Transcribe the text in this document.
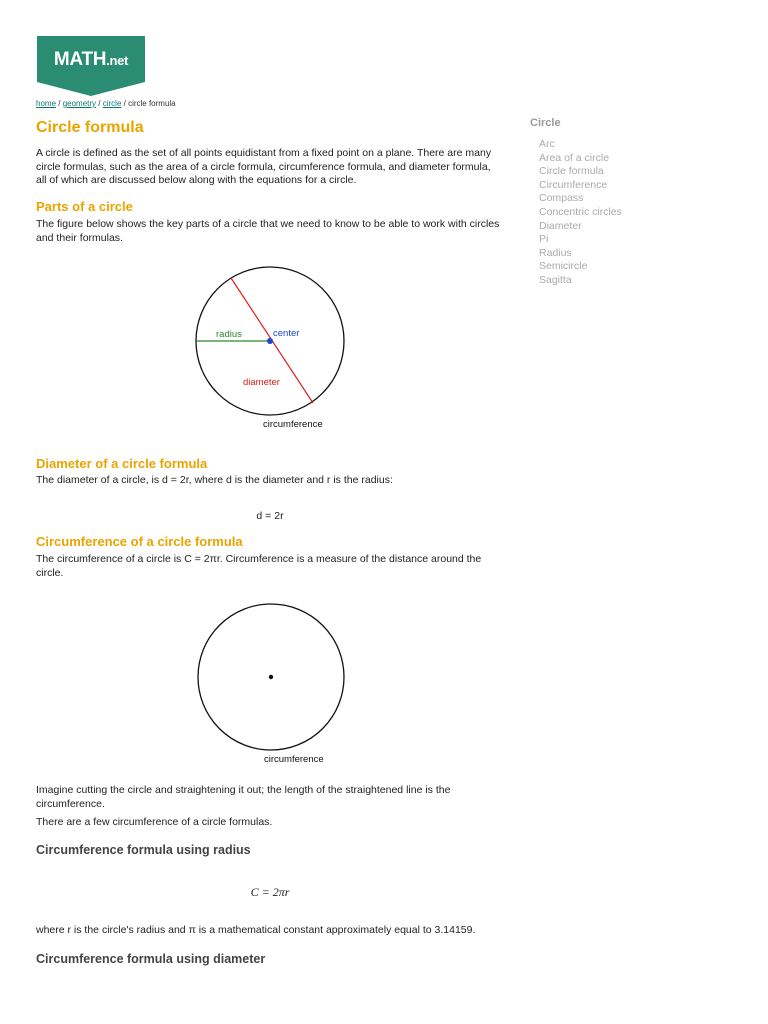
MATH.net
home / geometry / circle / circle formula
Circle formula

A circle is defined as the set of all points equidistant from a fixed point on a plane. There are many circle formulas, such as the area of a circle formula, circumference formula, and diameter formula, all of which are discussed below along with the equations for a circle.

Parts of a circle

The figure below shows the key parts of a circle that we need to know to be able to work with circles and their formulas.

radius	center
diameter
circumference
Diameter of a circle formula

The diameter of a circle, is d = 2r, where d is the diameter and r is the radius:

d = 2r

Circumference of a circle formula

The circumference of a circle is C = 2πr. Circumference is a measure of the distance around the circle.

circumference

Imagine cutting the circle and straightening it out; the length of the straightened line is the circumference.

There are a few circumference of a circle formulas.

Circumference formula using radius

C = 2πr

where r is the circle's radius and π is a mathematical constant approximately equal to 3.14159.

Circumference formula using diameter
Circle
Arc
Area of a circle
Circle formula
Circumference
Compass
Concentric circles
Diameter
Pi
Radius
Semicircle
Sagitta
